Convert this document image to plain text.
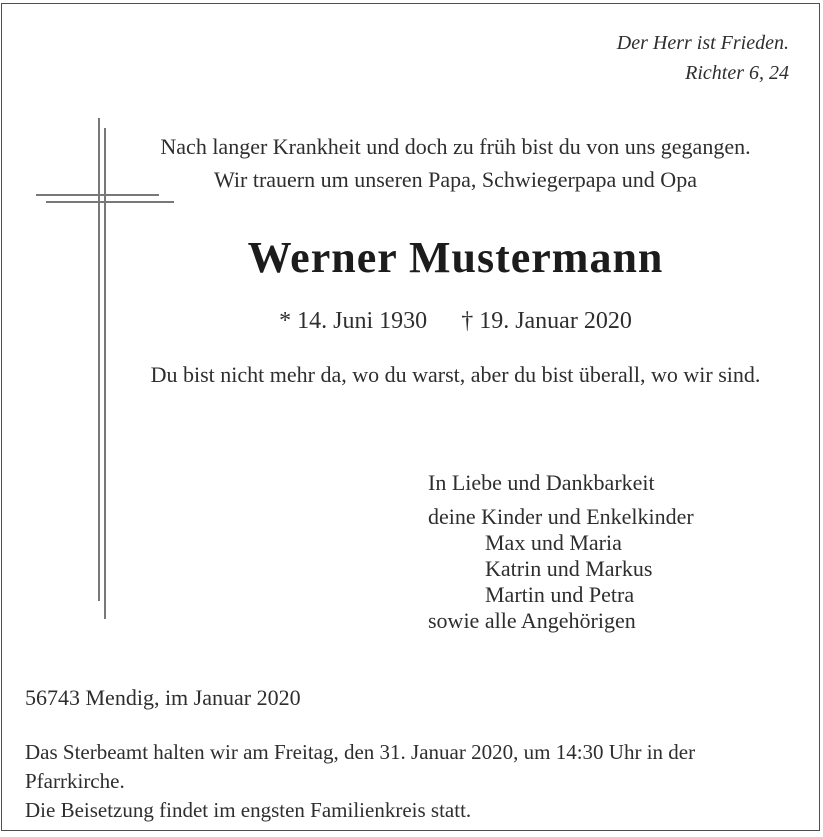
Der Herr ist Frieden.
Richter 6, 24
Nach langer Krankheit und doch zu früh bist du von uns gegangen.
Wir trauern um unseren Papa, Schwiegerpapa und Opa
Werner Mustermann
* 14. Juni 1930 † 19. Januar 2020
Du bist nicht mehr da, wo du warst, aber du bist überall, wo wir sind.

In Liebe und Dankbarkeit

deine Kinder und Enkelkinder

Max und Maria

Katrin und Markus

Martin und Petra

sowie alle Angehörigen

56743 Mendig, im Januar 2020

Das Sterbeamt halten wir am Freitag, den 31. Januar 2020, um 14:30 Uhr in der

Pfarrkirche.

Die Beisetzung findet im engsten Familienkreis statt.
